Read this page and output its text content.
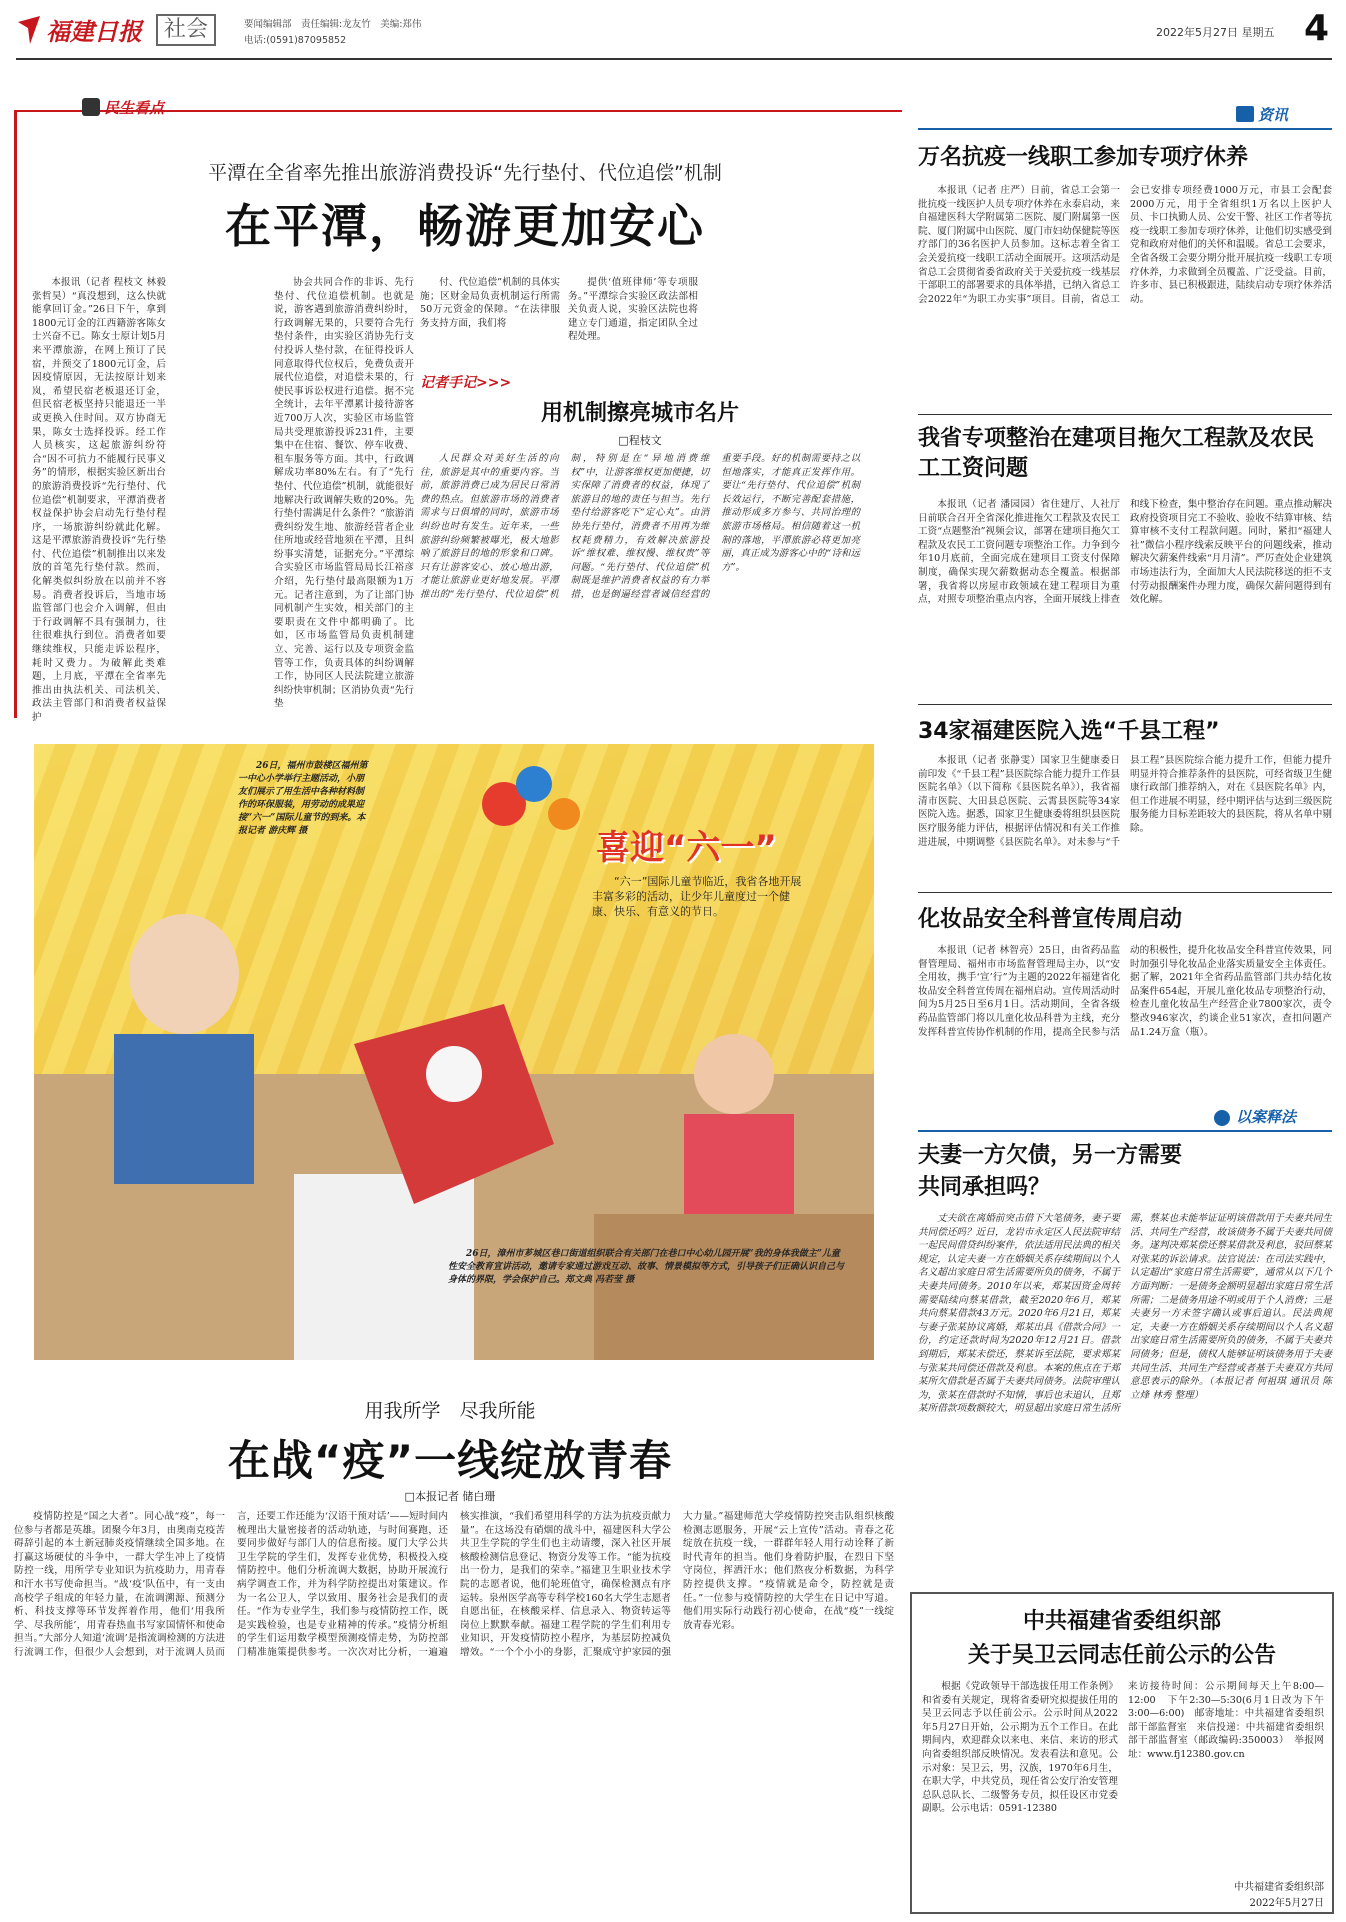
福建日报	社会	要闻编辑部　责任编辑:龙友竹　美编:郑伟
电话:(0591)87095852
2022年5月27日 星期五 4
民生看点
平潭在全省率先推出旅游消费投诉“先行垫付、代位追偿”机制
在平潭，畅游更加安心
本报讯（记者 程枝文 林毅 张哲昊）“真没想到，这么快就能拿回订金。”26日下午，拿到1800元订金的江西籍游客陈女士兴奋不已。陈女士原计划5月来平潭旅游，在网上预订了民宿，并预交了1800元订金，后因疫情原因，无法按原计划来岚，希望民宿老板退还订金，但民宿老板坚持只能退还一半或更换入住时间。双方协商无果，陈女士选择投诉。经工作人员核实，这起旅游纠纷符合“因不可抗力不能履行民事义务”的情形，根据实验区新出台的旅游消费投诉“先行垫付、代位追偿”机制要求，平潭消费者权益保护协会启动先行垫付程序，一场旅游纠纷就此化解。这是平潭旅游消费投诉“先行垫付、代位追偿”机制推出以来发放的首笔先行垫付款。然而，化解类似纠纷放在以前并不容易。消费者投诉后，当地市场监管部门也会介入调解，但由于行政调解不具有强制力，往往很难执行到位。消费者如要继续维权，只能走诉讼程序，耗时又费力。为破解此类难题，上月底，平潭在全省率先推出由执法机关、司法机关、政法主管部门和消费者权益保护
协会共同合作的非诉、先行垫付、代位追偿机制。也就是说，游客遇到旅游消费纠纷时，行政调解无果的，只要符合先行垫付条件，由实验区消协先行支付投诉人垫付款，在征得投诉人同意取得代位权后，免费负责开展代位追偿，对追偿未果的，行使民事诉讼权进行追偿。据不完全统计，去年平潭累计接待游客近700万人次，实验区市场监管局共受理旅游投诉231件，主要集中在住宿、餐饮、停车收费、租车服务等方面。其中，行政调解成功率80%左右。有了“先行垫付、代位追偿”机制，就能很好地解决行政调解失败的20%。先行垫付需满足什么条件？“旅游消费纠纷发生地、旅游经营者企业住所地或经营地须在平潭，且纠纷事实清楚，证据充分。”平潭综合实验区市场监管局局长江裕彦介绍，先行垫付最高限额为1万元。记者注意到，为了让部门协同机制产生实效，相关部门的主要职责在文件中都明确了。比如，区市场监管局负责机制建立、完善、运行以及专项资金监管等工作，负责具体的纠纷调解工作，协同区人民法院建立旅游纠纷快审机制；区消协负责“先行垫
付、代位追偿”机制的具体实施；区财金局负责机制运行所需50万元资金的保障。“在法律服务支持方面，我们将
提供‘值班律师’等专项服务。”平潭综合实验区政法部相关负责人说，实验区法院也将建立专门通道，指定团队全过程处理。
记者手记>>>
用机制擦亮城市名片
□程枝文
人民群众对美好生活的向往，旅游是其中的重要内容。当前，旅游消费已成为居民日常消费的热点。但旅游市场的消费者需求与日俱增的同时，旅游市场纠纷也时有发生。近年来，一些旅游纠纷频繁被曝光，极大地影响了旅游目的地的形象和口碑。只有让游客安心、放心地出游，才能让旅游业更好地发展。平潭推出的“先行垫付、代位追偿”机制，特别是在“异地消费维权”中，让游客维权更加便捷，切实保障了消费者的权益，体现了旅游目的地的责任与担当。先行垫付给游客吃下“定心丸”。由消协先行垫付，消费者不用再为维权耗费精力，有效解决旅游投诉“维权难、维权慢、维权贵”等问题。“先行垫付、代位追偿”机制既是维护消费者权益的有力举措，也是倒逼经营者诚信经营的重要手段。好的机制需要持之以恒地落实，才能真正发挥作用。要让“先行垫付、代位追偿”机制长效运行，不断完善配套措施，推动形成多方参与、共同治理的旅游市场格局。相信随着这一机制的落地，平潭旅游必将更加亮丽，真正成为游客心中的“诗和远方”。
26日，福州市鼓楼区福州第一中心小学举行主题活动，小朋友们展示了用生活中各种材料制作的环保服装，用劳动的成果迎接“六一”国际儿童节的到来。本报记者 游庆辉 摄	喜迎“六一”
“六一”国际儿童节临近，我省各地开展丰富多彩的活动，让少年儿童度过一个健康、快乐、有意义的节日。
26日，漳州市芗城区巷口街道组织联合有关部门在巷口中心幼儿园开展“我的身体我做主”儿童性安全教育宣讲活动，邀请专家通过游戏互动、故事、情景模拟等方式，引导孩子们正确认识自己与身体的界限，学会保护自己。郑文典 冯若莹 摄
用我所学　尽我所能
在战“疫”一线绽放青春
□本报记者 储白珊
疫情防控是“国之大者”。同心战“疫”，每一位参与者都是英雄。团聚今年3月，由奥南克疫苦碍辞引起的本土新冠肺炎疫情继续全国多地。在打赢这场硬仗的斗争中，一群大学生冲上了疫情防控一线，用所学专业知识为抗疫助力，用青春和汗水书写使命担当。“战‘疫’队伍中，有一支由高校学子组成的年轻力量，在流调溯源、预测分析、科技支撑等环节发挥着作用，他们‘用我所学、尽我所能’，用青春热血书写家国情怀和使命担当。”大部分人知道‘流调’是指流调检测的方法进行流调工作，但很少人会想到，对于流调人员而言，还要工作还能为‘汉语干预对话’——短时间内梳理出大量密接者的活动轨迹，与时间赛跑，还要同步做好与部门人的信息衔接。厦门大学公共卫生学院的学生们，发挥专业优势，积极投入疫情防控中。他们分析流调大数据，协助开展流行病学调查工作，并为科学防控提出对策建议。作为一名公卫人，学以致用、服务社会是我们的责任。“作为专业学生，我们参与疫情防控工作，既是实践检验，也是专业精神的传承。”疫情分析组的学生们运用数学模型预测疫情走势，为防控部门精准施策提供参考。一次次对比分析，一遍遍核实推演，“我们希望用科学的方法为抗疫贡献力量”。在这场没有硝烟的战斗中，福建医科大学公共卫生学院的学生们也主动请缨，深入社区开展核酸检测信息登记、物资分发等工作。“能为抗疫出一份力，是我们的荣幸。”福建卫生职业技术学院的志愿者说，他们轮班值守，确保检测点有序运转。泉州医学高等专科学校160名大学生志愿者自愿出征，在核酸采样、信息录入、物资转运等岗位上默默奉献。福建工程学院的学生们利用专业知识，开发疫情防控小程序，为基层防控减负增效。“一个个小小的身影，汇聚成守护家园的强大力量。”福建师范大学疫情防控突击队组织核酸检测志愿服务，开展“云上宣传”活动。青春之花绽放在抗疫一线，一群群年轻人用行动诠释了新时代青年的担当。他们身着防护服，在烈日下坚守岗位，挥洒汗水；他们熬夜分析数据，为科学防控提供支撑。“疫情就是命令，防控就是责任。”一位参与疫情防控的大学生在日记中写道。他们用实际行动践行初心使命，在战“疫”一线绽放青春光彩。
资讯
万名抗疫一线职工参加专项疗休养
本报讯（记者 庄严）日前，省总工会第一批抗疫一线医护人员专项疗休养在永泰启动，来自福建医科大学附属第二医院、厦门附属第一医院、厦门附属中山医院、厦门市妇幼保健院等医疗部门的36名医护人员参加。这标志着全省工会关爱抗疫一线职工活动全面展开。这项活动是省总工会贯彻省委省政府关于关爱抗疫一线基层干部职工的部署要求的具体举措，已纳入省总工会2022年“为职工办实事”项目。目前，省总工会已安排专项经费1000万元，市县工会配套2000万元，用于全省组织1万名以上医护人员、卡口执勤人员、公安干警、社区工作者等抗疫一线职工参加专项疗休养，让他们切实感受到党和政府对他们的关怀和温暖。省总工会要求，全省各级工会要分期分批开展抗疫一线职工专项疗休养，力求做到全员覆盖、广泛受益。目前，许多市、县已积极跟进，陆续启动专项疗休养活动。
我省专项整治在建项目拖欠工程款及农民工工资问题
本报讯（记者 潘园园）省住建厅、人社厅日前联合召开全省深化推进拖欠工程款及农民工工资“点题整治”视频会议，部署在建项目拖欠工程款及农民工工资问题专项整治工作。力争到今年10月底前，全面完成在建项目工资支付保障制度，确保实现欠薪数据动态全覆盖。根据部署，我省将以房屋市政领域在建工程项目为重点，对照专项整治重点内容，全面开展线上排查和线下检查，集中整治存在问题。重点推动解决政府投资项目完工不验收、验收不结算审核、结算审核不支付工程款问题。同时，紧扣“福建人社”微信小程序线索反映平台的问题线索，推动解决欠薪案件线索“月月清”。严厉查处企业建筑市场违法行为，全面加大人民法院移送的拒不支付劳动报酬案件办理力度，确保欠薪问题得到有效化解。
34家福建医院入选“千县工程”
本报讯（记者 张静雯）国家卫生健康委日前印发《“千县工程”县医院综合能力提升工作县医院名单》（以下简称《县医院名单》），我省福清市医院、大田县总医院、云霄县医院等34家医院入选。据悉，国家卫生健康委将组织县医院医疗服务能力评估，根据评估情况和有关工作推进进展，中期调整《县医院名单》。对未参与“千县工程”县医院综合能力提升工作，但能力提升明显并符合推荐条件的县医院，可经省级卫生健康行政部门推荐纳入，对在《县医院名单》内，但工作进展不明显，经中期评估与达到三级医院服务能力目标差距较大的县医院，将从名单中剔除。
化妆品安全科普宣传周启动
本报讯（记者 林智亮）25日，由省药品监督管理局、福州市市场监督管理局主办，以“安全用妆，携手‘宣’行”为主题的2022年福建省化妆品安全科普宣传周在福州启动。宣传周活动时间为5月25日至6月1日。活动期间，全省各级药品监管部门将以儿童化妆品科普为主线，充分发挥科普宣传协作机制的作用，提高全民参与活动的积极性，提升化妆品安全科普宣传效果，同时加强引导化妆品企业落实质量安全主体责任。据了解，2021年全省药品监管部门共办结化妆品案件654起，开展儿童化妆品专项整治行动，检查儿童化妆品生产经营企业7800家次，责令整改946家次，约谈企业51家次，查扣问题产品1.24万盒（瓶）。
以案释法
夫妻一方欠债，另一方需要共同承担吗？
丈夫欲在离婚前突击借下大笔债务，妻子要共同偿还吗？近日，龙岩市永定区人民法院审结一起民间借贷纠纷案件，依法适用民法典的相关规定，认定夫妻一方在婚姻关系存续期间以个人名义超出家庭日常生活需要所负的债务，不属于夫妻共同债务。2010年以来，郑某因资金周转需要陆续向蔡某借款，截至2020年6月，郑某共向蔡某借款43万元。2020年6月21日，郑某与妻子张某协议离婚，郑某出具《借款合同》一份，约定还款时间为2020年12月21日。借款到期后，郑某未偿还，蔡某诉至法院，要求郑某与张某共同偿还借款及利息。本案的焦点在于郑某所欠借款是否属于夫妻共同债务。法院审理认为，张某在借款时不知情，事后也未追认，且郑某所借款项数额较大，明显超出家庭日常生活所需，蔡某也未能举证证明该借款用于夫妻共同生活、共同生产经营，故该债务不属于夫妻共同债务。遂判决郑某偿还蔡某借款及利息，驳回蔡某对张某的诉讼请求。法官说法：在司法实践中，认定超出“家庭日常生活需要”，通常从以下几个方面判断：一是债务金额明显超出家庭日常生活所需；二是债务用途不明或用于个人消费；三是夫妻另一方未签字确认或事后追认。民法典规定，夫妻一方在婚姻关系存续期间以个人名义超出家庭日常生活需要所负的债务，不属于夫妻共同债务；但是，债权人能够证明该债务用于夫妻共同生活、共同生产经营或者基于夫妻双方共同意思表示的除外。（本报记者 何祖琪 通讯员 陈立烽 林秀 整理）
中共福建省委组织部
关于吴卫云同志任前公示的公告
根据《党政领导干部选拔任用工作条例》和省委有关规定，现将省委研究拟提拔任用的吴卫云同志予以任前公示。公示时间从2022年5月27日开始，公示期为五个工作日。在此期间内，欢迎群众以来电、来信、来访的形式向省委组织部反映情况。发表看法和意见。公示对象：吴卫云，男，汉族，1970年6月生，在职大学，中共党员，现任省公安厅治安管理总队总队长、二级警务专员，拟任设区市党委副职。公示电话：0591-12380
来访接待时间：公示期间每天上午8:00—12:00　下午2:30—5:30(6月1日改为下午3:00—6:00)　邮寄地址：中共福建省委组织部干部监督室　来信投递：中共福建省委组织部干部监督室（邮政编码:350003）　举报网址：www.fj12380.gov.cn
中共福建省委组织部
2022年5月27日
